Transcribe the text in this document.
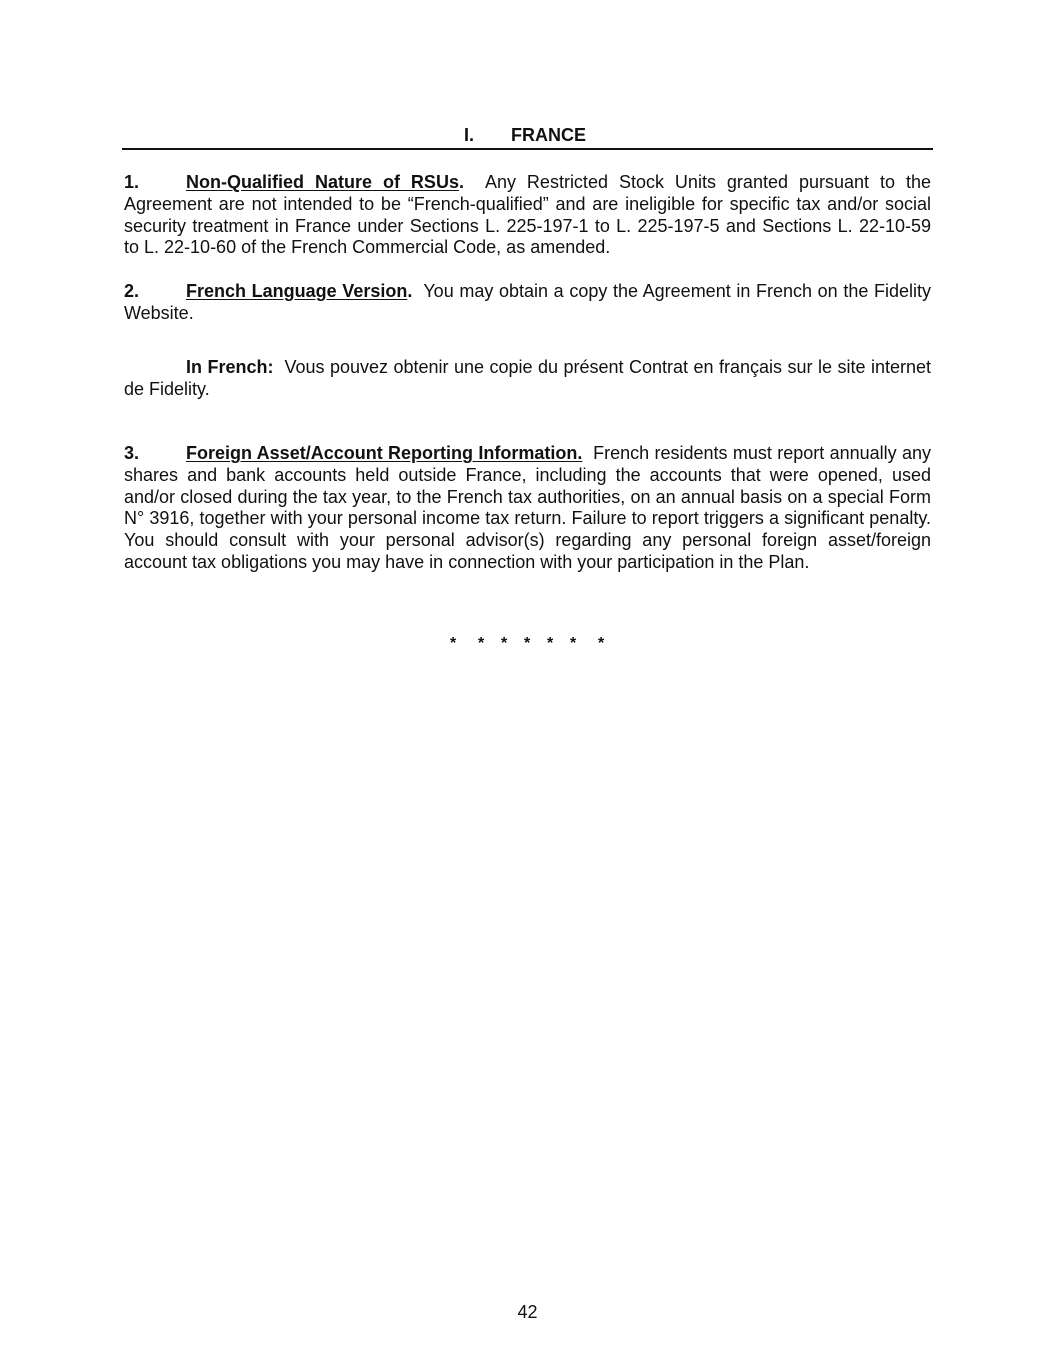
I. FRANCE

1.	Non-Qualified Nature of RSUs. Any Restricted Stock Units granted pursuant to the Agreement are not intended to be “French-qualified” and are ineligible for specific tax and/or social security treatment in France under Sections L. 225-197-1 to L. 225-197-5 and Sections L. 22-10-59 to L. 22-10-60 of the French Commercial Code, as amended.

2.	French Language Version. You may obtain a copy the Agreement in French on the Fidelity Website.

In French: Vous pouvez obtenir une copie du présent Contrat en français sur le site internet de Fidelity.

3.	Foreign Asset/Account Reporting Information. French residents must report annually any shares and bank accounts held outside France, including the accounts that were opened, used and/or closed during the tax year, to the French tax authorities, on an annual basis on a special Form N° 3916, together with your personal income tax return. Failure to report triggers a significant penalty. You should consult with your personal advisor(s) regarding any personal foreign asset/foreign account tax obligations you may have in connection with your participation in the Plan.

* * * * * * *
42
